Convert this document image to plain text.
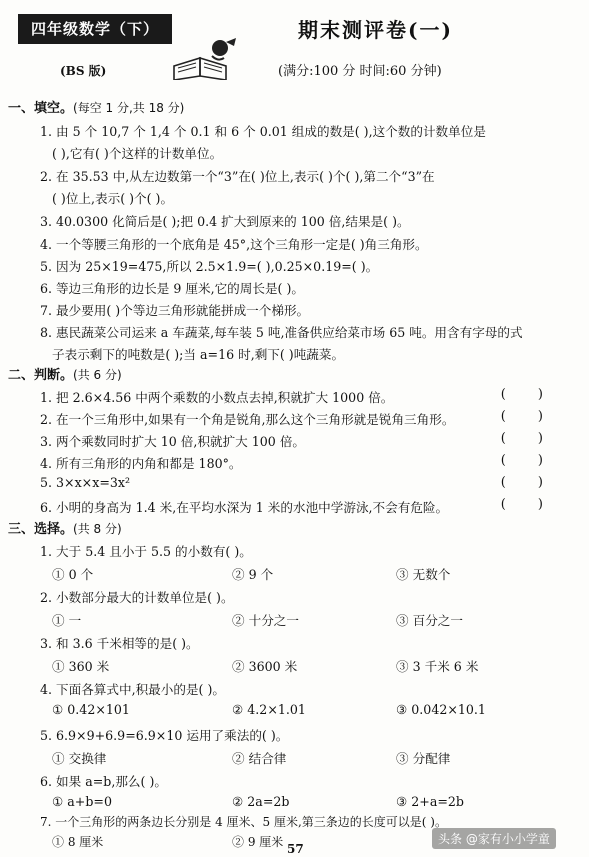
四年级数学（下）
(BS 版)
期末测评卷(一)
(满分:100 分 时间:60 分钟)
一、填空。(每空 1 分,共 18 分)
1. 由 5 个 10,7 个 1,4 个 0.1 和 6 个 0.01 组成的数是( ),这个数的计数单位是
( ),它有( )个这样的计数单位。
2. 在 35.53 中,从左边数第一个“3”在( )位上,表示( )个( ),第二个“3”在
( )位上,表示( )个( )。
3. 40.0300 化简后是( );把 0.4 扩大到原来的 100 倍,结果是( )。
4. 一个等腰三角形的一个底角是 45°,这个三角形一定是( )角三角形。
5. 因为 25×19=475,所以 2.5×1.9=( ),0.25×0.19=( )。
6. 等边三角形的边长是 9 厘米,它的周长是( )。
7. 最少要用( )个等边三角形就能拼成一个梯形。
8. 惠民蔬菜公司运来 a 车蔬菜,每车装 5 吨,准备供应给菜市场 65 吨。用含有字母的式
子表示剩下的吨数是( );当 a=16 时,剩下( )吨蔬菜。
二、判断。(共 6 分)
1. 把 2.6×4.56 中两个乘数的小数点去掉,积就扩大 1000 倍。	( )
2. 在一个三角形中,如果有一个角是锐角,那么这个三角形就是锐角三角形。	( )
3. 两个乘数同时扩大 10 倍,积就扩大 100 倍。	( )
4. 所有三角形的内角和都是 180°。	( )
5. 3×x×x=3x²	( )
6. 小明的身高为 1.4 米,在平均水深为 1 米的水池中学游泳,不会有危险。	( )
三、选择。(共 8 分)
1. 大于 5.4 且小于 5.5 的小数有( )。
① 0 个	② 9 个	③ 无数个
2. 小数部分最大的计数单位是( )。
① 一	② 十分之一	③ 百分之一
3. 和 3.6 千米相等的是( )。
① 360 米	② 3600 米	③ 3 千米 6 米
4. 下面各算式中,积最小的是( )。
① 0.42×101	② 4.2×1.01	③ 0.042×10.1
5. 6.9×9+6.9=6.9×10 运用了乘法的( )。
① 交换律	② 结合律	③ 分配律
6. 如果 a=b,那么( )。
① a+b=0	② 2a=2b	③ 2+a=2b
7. 一个三角形的两条边长分别是 4 厘米、5 厘米,第三条边的长度可以是( )。
① 8 厘米	② 9 厘米 57
头条 @家有小小学童
